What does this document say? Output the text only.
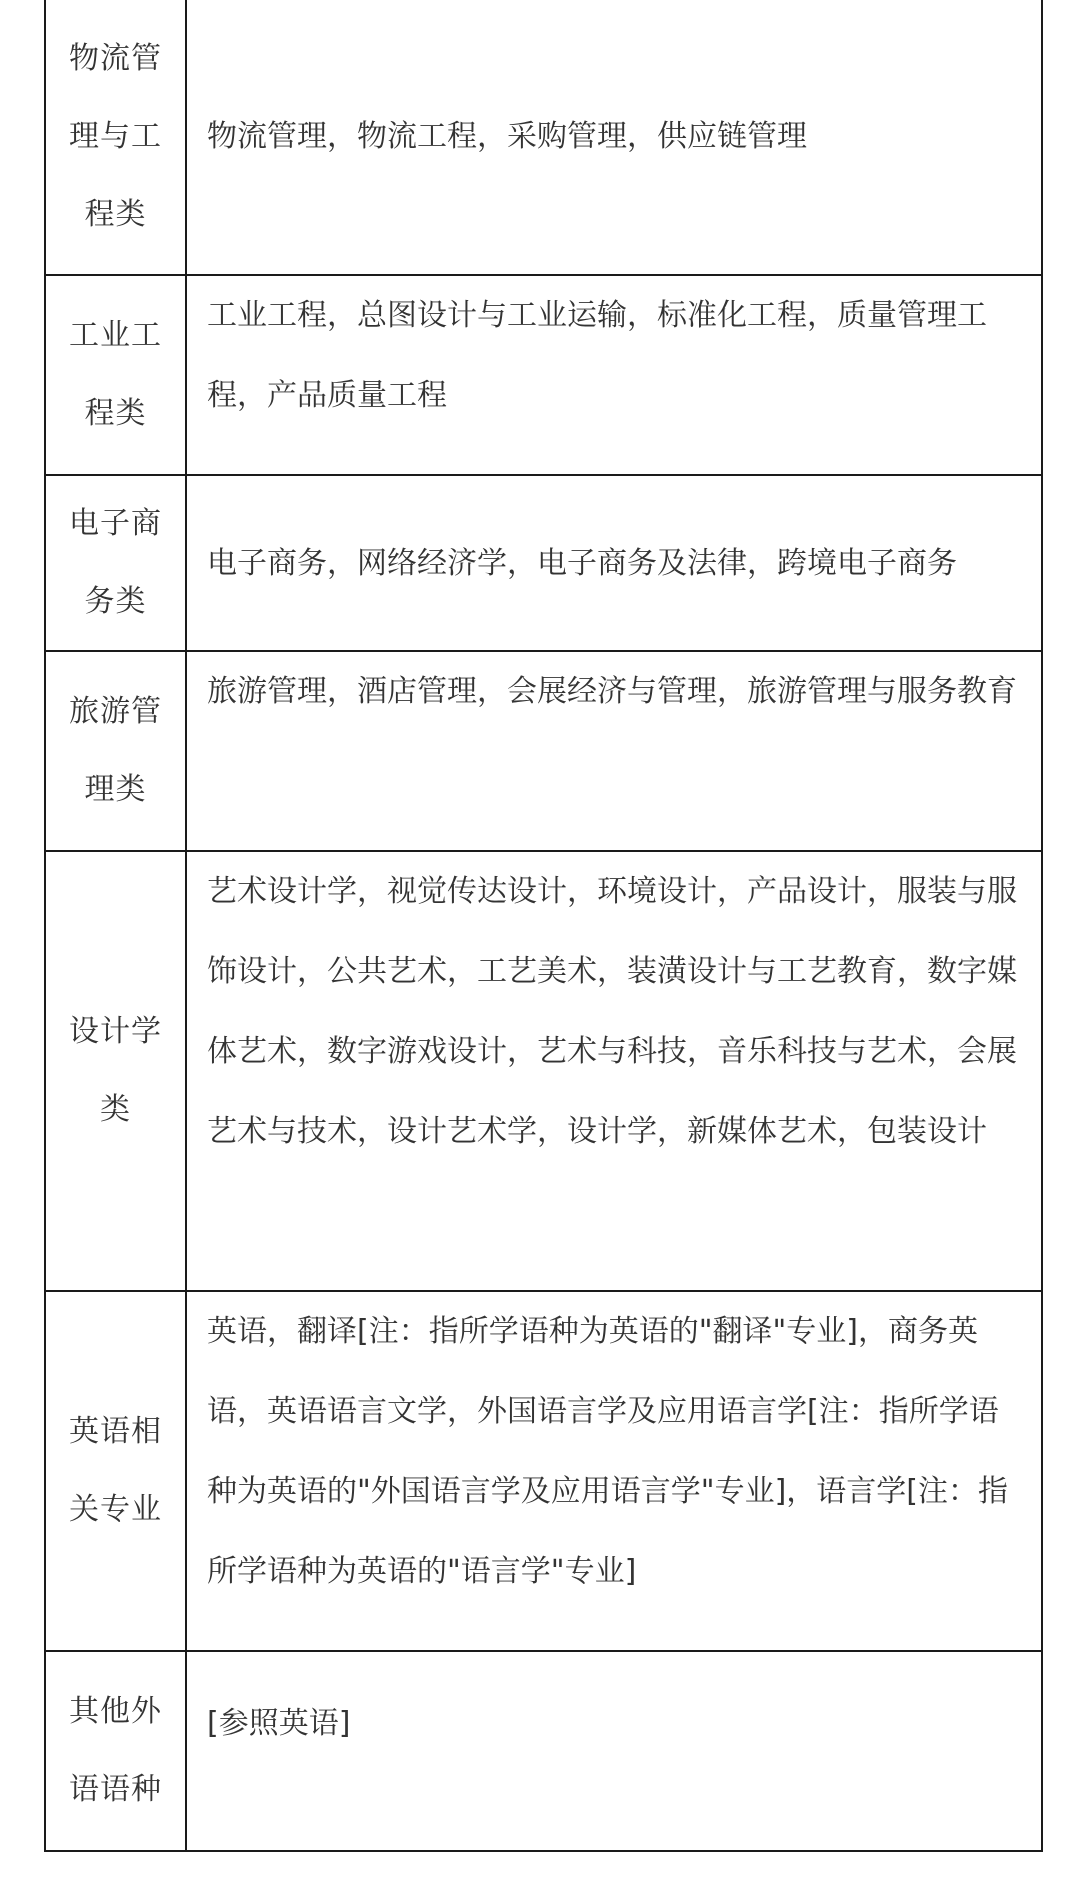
物流管理与工程类
物流管理，物流工程，采购管理，供应链管理
工业工程类
工业工程，总图设计与工业运输，标准化工程，质量管理工程，产品质量工程
电子商务类
电子商务，网络经济学，电子商务及法律，跨境电子商务
旅游管理类
旅游管理，酒店管理，会展经济与管理，旅游管理与服务教育
设计学类
艺术设计学，视觉传达设计，环境设计，产品设计，服装与服饰设计，公共艺术，工艺美术，装潢设计与工艺教育，数字媒体艺术，数字游戏设计，艺术与科技，音乐科技与艺术，会展艺术与技术，设计艺术学，设计学，新媒体艺术，包装设计
英语相关专业
英语，翻译[注：指所学语种为英语的"翻译"专业]，商务英语，英语语言文学，外国语言学及应用语言学[注：指所学语种为英语的"外国语言学及应用语言学"专业]，语言学[注：指所学语种为英语的"语言学"专业]
其他外语语种
[参照英语]
